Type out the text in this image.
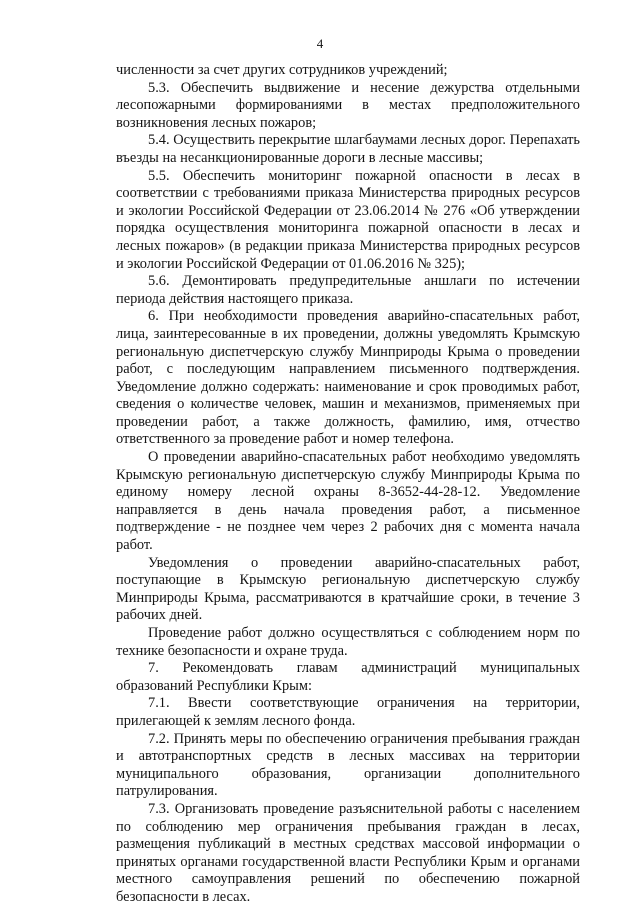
4

численности за счет других сотрудников учреждений;

5.3. Обеспечить выдвижение и несение дежурства отдельными лесопожарными формированиями в местах предположительного возникновения лесных пожаров;

5.4. Осуществить перекрытие шлагбаумами лесных дорог. Перепахать въезды на несанкционированные дороги в лесные массивы;

5.5. Обеспечить мониторинг пожарной опасности в лесах в соответствии с требованиями приказа Министерства природных ресурсов и экологии Российской Федерации от 23.06.2014 № 276 «Об утверждении порядка осуществления мониторинга пожарной опасности в лесах и лесных пожаров» (в редакции приказа Министерства природных ресурсов и экологии Российской Федерации от 01.06.2016 № 325);

5.6. Демонтировать предупредительные аншлаги по истечении периода действия настоящего приказа.

6. При необходимости проведения аварийно-спасательных работ, лица, заинтересованные в их проведении, должны уведомлять Крымскую региональную диспетчерскую службу Минприроды Крыма о проведении работ, с последующим направлением письменного подтверждения. Уведомление должно содержать: наименование и срок проводимых работ, сведения о количестве человек, машин и механизмов, применяемых при проведении работ, а также должность, фамилию, имя, отчество ответственного за проведение работ и номер телефона.

О проведении аварийно-спасательных работ необходимо уведомлять Крымскую региональную диспетчерскую службу Минприроды Крыма по единому номеру лесной охраны 8-3652-44-28-12. Уведомление направляется в день начала проведения работ, а письменное подтверждение - не позднее чем через 2 рабочих дня с момента начала работ.

Уведомления о проведении аварийно-спасательных работ, поступающие в Крымскую региональную диспетчерскую службу Минприроды Крыма, рассматриваются в кратчайшие сроки, в течение 3 рабочих дней.

Проведение работ должно осуществляться с соблюдением норм по технике безопасности и охране труда.

7. Рекомендовать главам администраций муниципальных образований Республики Крым:

7.1. Ввести соответствующие ограничения на территории, прилегающей к землям лесного фонда.

7.2. Принять меры по обеспечению ограничения пребывания граждан и автотранспортных средств в лесных массивах на территории муниципального образования, организации дополнительного патрулирования.

7.3. Организовать проведение разъяснительной работы с населением по соблюдению мер ограничения пребывания граждан в лесах, размещения публикаций в местных средствах массовой информации о принятых органами государственной власти Республики Крым и органами местного самоуправления решений по обеспечению пожарной безопасности в лесах.
